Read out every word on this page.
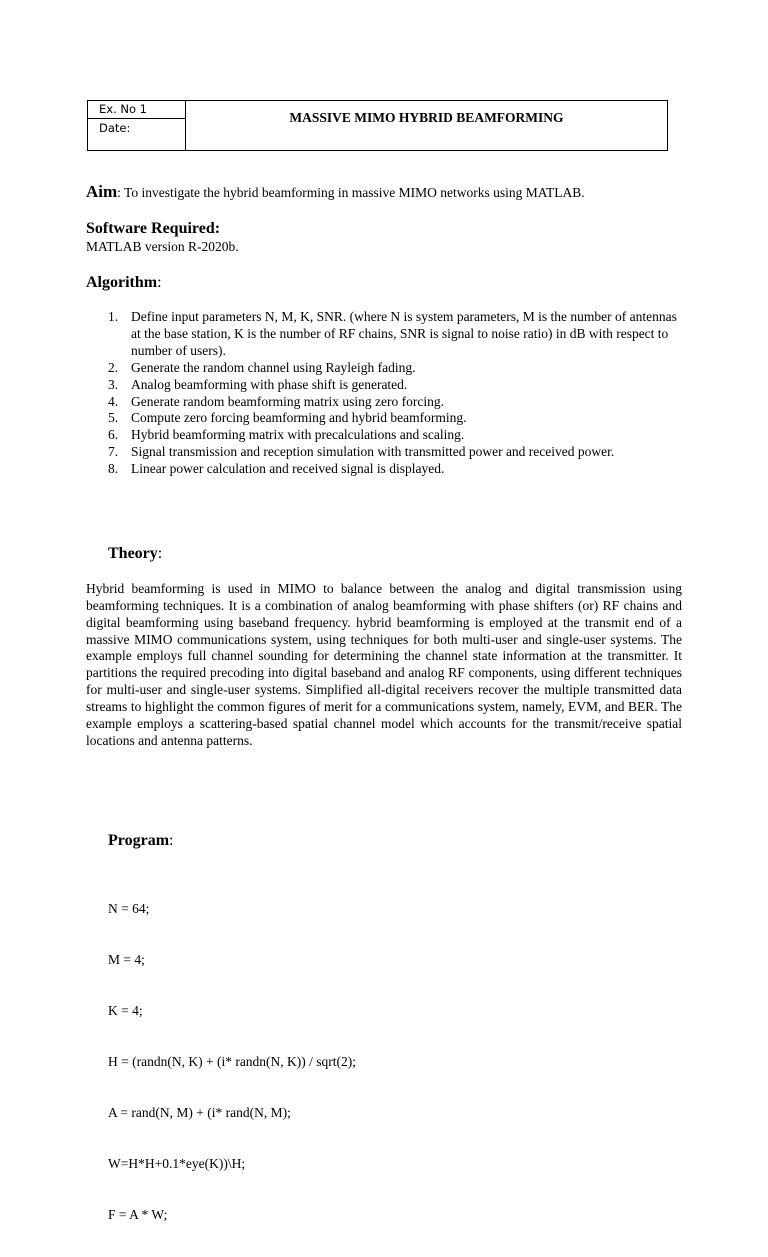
Ex. No 1
Date:
MASSIVE MIMO HYBRID BEAMFORMING
Aim: To investigate the hybrid beamforming in massive MIMO networks using MATLAB.
Software Required:
MATLAB version R-2020b.
Algorithm:
1. Define input parameters N, M, K, SNR. (where N is system parameters, M is the number of antennas at the base station, K is the number of RF chains, SNR is signal to noise ratio) in dB with respect to number of users).
2. Generate the random channel using Rayleigh fading.
3. Analog beamforming with phase shift is generated.
4. Generate random beamforming matrix using zero forcing.
5. Compute zero forcing beamforming and hybrid beamforming.
6. Hybrid beamforming matrix with precalculations and scaling.
7. Signal transmission and reception simulation with transmitted power and received power.
8. Linear power calculation and received signal is displayed.
Theory:
Hybrid beamforming is used in MIMO to balance between the analog and digital transmission using beamforming techniques. It is a combination of analog beamforming with phase shifters (or) RF chains and digital beamforming using baseband frequency. hybrid beamforming is employed at the transmit end of a massive MIMO communications system, using techniques for both multi-user and single-user systems. The example employs full channel sounding for determining the channel state information at the transmitter. It partitions the required precoding into digital baseband and analog RF components, using different techniques for multi-user and single-user systems. Simplified all-digital receivers recover the multiple transmitted data streams to highlight the common figures of merit for a communications system, namely, EVM, and BER. The example employs a scattering-based spatial channel model which accounts for the transmit/receive spatial locations and antenna patterns.
Program:

N = 64;

M = 4;

K = 4;

H = (randn(N, K) + (i* randn(N, K)) / sqrt(2);

A = rand(N, M) + (i* rand(N, M);

W=H*H+0.1*eye(K))\H;

F = A * W;
